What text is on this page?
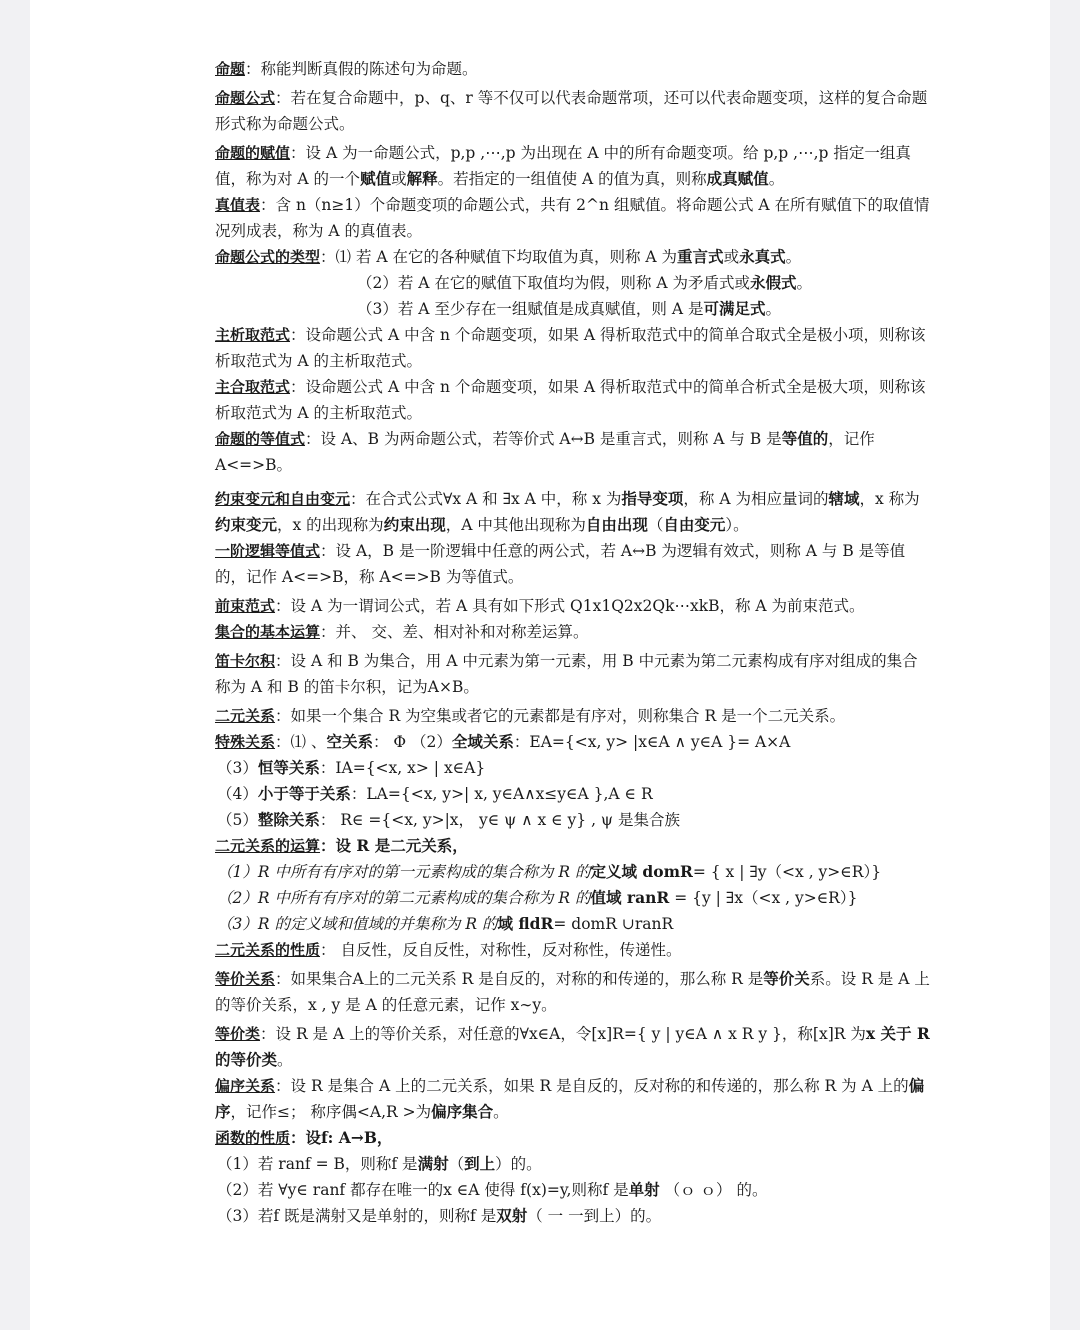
命题：称能判断真假的陈述句为命题。

命题公式：若在复合命题中，p、q、r 等不仅可以代表命题常项，还可以代表命题变项，这样的复合命题形式称为命题公式。

命题的赋值：设 A 为一命题公式，p,p ,⋯,p 为出现在 A 中的所有命题变项。给 p,p ,⋯,p 指定一组真值，称为对 A 的一个赋值或解释。若指定的一组值使 A 的值为真，则称成真赋值。

真值表：含 n（n≥1）个命题变项的命题公式，共有 2^n 组赋值。将命题公式 A 在所有赋值下的取值情况列成表，称为 A 的真值表。

命题公式的类型：⑴ 若 A 在它的各种赋值下均取值为真，则称 A 为重言式或永真式。

（2）若 A 在它的赋值下取值均为假，则称 A 为矛盾式或永假式。

（3）若 A 至少存在一组赋值是成真赋值，则 A 是可满足式。

主析取范式：设命题公式 A 中含 n 个命题变项，如果 A 得析取范式中的简单合取式全是极小项，则称该析取范式为 A 的主析取范式。

主合取范式：设命题公式 A 中含 n 个命题变项，如果 A 得析取范式中的简单合析式全是极大项，则称该析取范式为 A 的主析取范式。

命题的等值式：设 A、B 为两命题公式，若等价式 A↔B 是重言式，则称 A 与 B 是等值的，记作 A<=>B。

约束变元和自由变元：在合式公式∀x A 和 ∃x A 中，称 x 为指导变项，称 A 为相应量词的辖域，x 称为约束变元，x 的出现称为约束出现，A 中其他出现称为自由出现（自由变元）。

一阶逻辑等值式：设 A，B 是一阶逻辑中任意的两公式，若 A↔B 为逻辑有效式，则称 A 与 B 是等值的，记作 A<=>B，称 A<=>B 为等值式。

前束范式：设 A 为一谓词公式，若 A 具有如下形式 Q1x1Q2x2Qk⋯xkB，称 A 为前束范式。

集合的基本运算：并、 交、差、相对补和对称差运算。

笛卡尔积：设 A 和 B 为集合，用 A 中元素为第一元素，用 B 中元素为第二元素构成有序对组成的集合称为 A 和 B 的笛卡尔积，记为A×B。

二元关系：如果一个集合 R 为空集或者它的元素都是有序对，则称集合 R 是一个二元关系。

特殊关系：⑴ 、空关系： Φ （2）全域关系：EA={<x, y> |x∈A ∧ y∈A }= A×A

（3）恒等关系：IA={<x, x> | x∈A}

（4）小于等于关系：LA={<x, y>| x, y∈A∧x≤y∈A },A ∈ R

（5）整除关系： R∈ ={<x, y>|x， y∈ ψ ∧ x ∈ y} , ψ 是集合族

二元关系的运算：设 R 是二元关系，

（1）R 中所有有序对的第一元素构成的集合称为 R 的定义域 domR= { x | ∃y（<x , y>∈R）}

（2）R 中所有有序对的第二元素构成的集合称为 R 的值域 ranR = {y | ∃x（<x , y>∈R）}

（3）R 的定义域和值域的并集称为 R 的域 fldR= domR ∪ranR

二元关系的性质： 自反性，反自反性，对称性，反对称性，传递性。

等价关系：如果集合A上的二元关系 R 是自反的，对称的和传递的，那么称 R 是等价关系。设 R 是 A 上的等价关系，x , y 是 A 的任意元素，记作 x∼y。

等价类：设 R 是 A 上的等价关系，对任意的∀x∈A，令[x]R={ y | y∈A ∧ x R y }，称[x]R 为x 关于 R 的等价类。

偏序关系：设 R 是集合 A 上的二元关系，如果 R 是自反的，反对称的和传递的，那么称 R 为 A 上的偏序，记作≤； 称序偶<A,R >为偏序集合。

函数的性质：设f: A→B，

（1）若 ranf = B，则称f 是满射（到上）的。

（2）若 ∀y∈ ranf 都存在唯一的x ∈A 使得 f(x)=y,则称f 是单射 （ｏ ｏ） 的。

（3）若f 既是满射又是单射的，则称f 是双射（ 一 一到上）的。
